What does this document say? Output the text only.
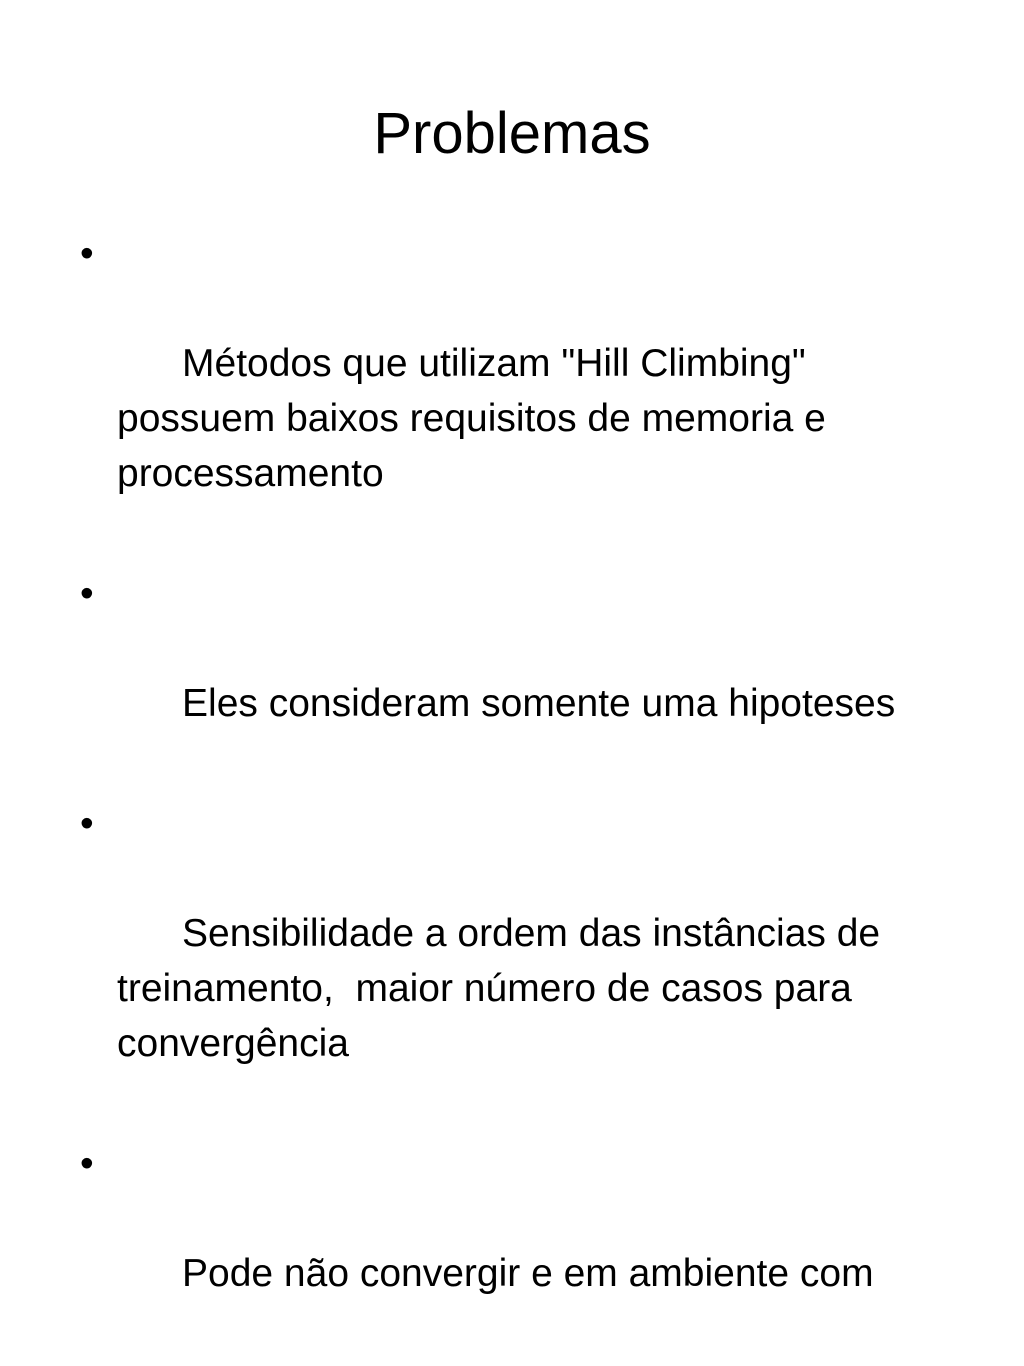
Problemas

•

Métodos que utilizam "Hill Climbing" possuem baixos requisitos de memoria e processamento

•

Eles consideram somente uma hipoteses

•

Sensibilidade a ordem das instâncias de treinamento,  maior número de casos para convergência

•

Pode não convergir e em ambiente com
